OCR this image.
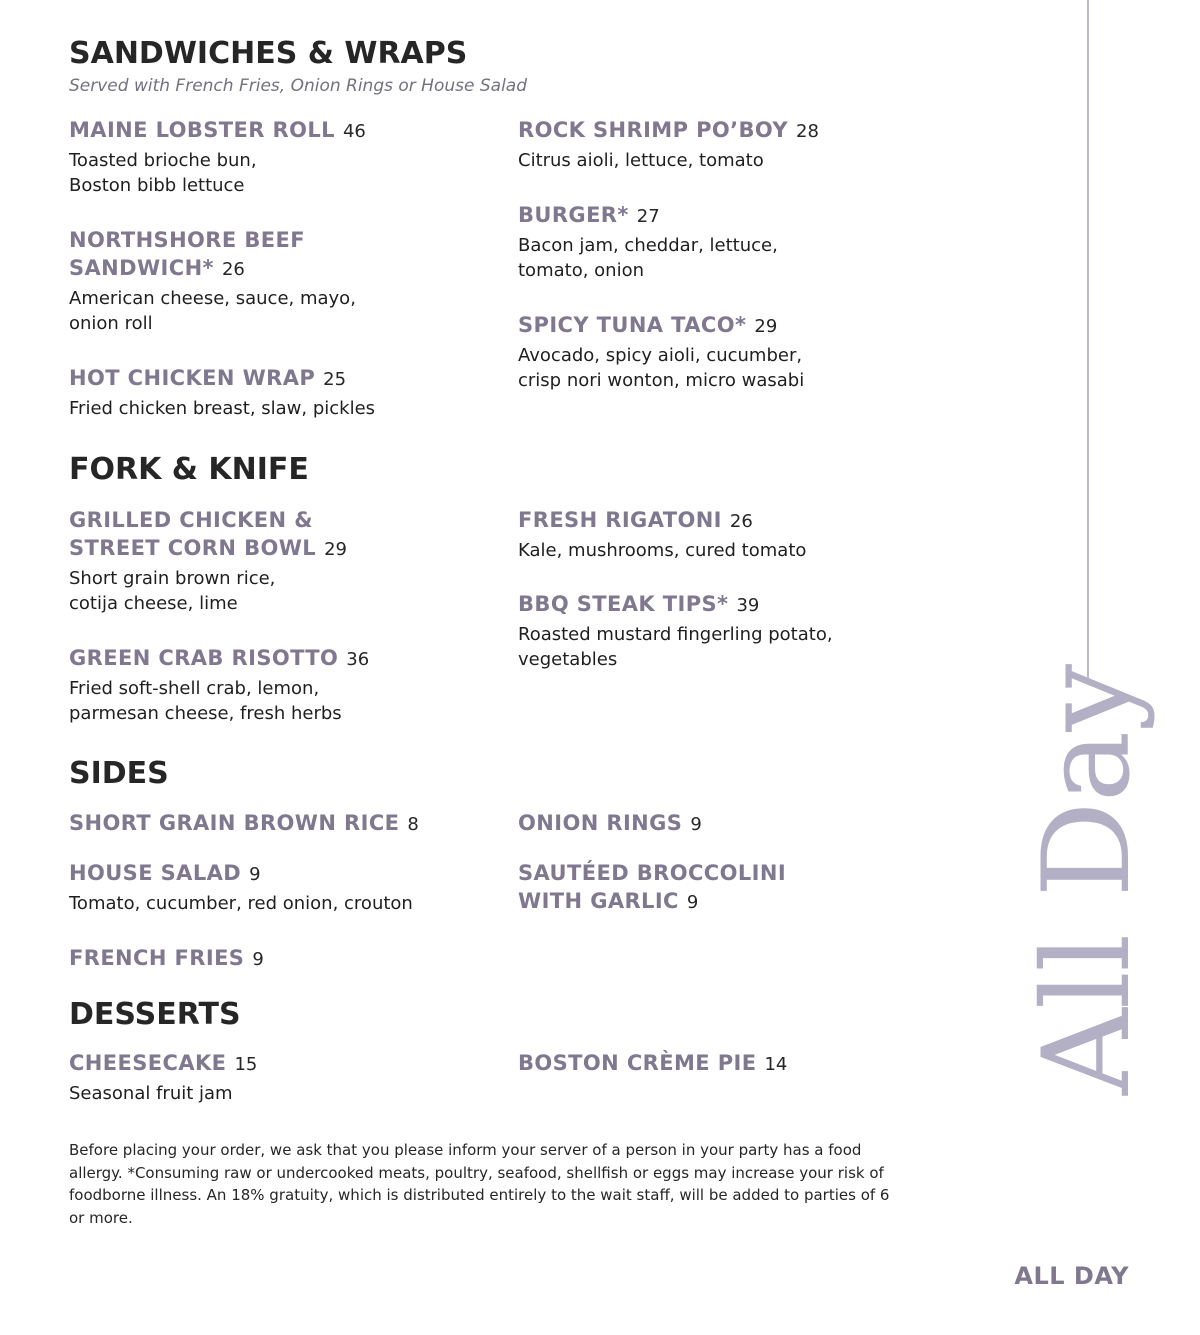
SANDWICHES & WRAPS

Served with French Fries, Onion Rings or House Salad

MAINE LOBSTER ROLL 46
Toasted brioche bun,
Boston bibb lettuce
NORTHSHORE BEEF
SANDWICH* 26
American cheese, sauce, mayo,
onion roll
HOT CHICKEN WRAP 25
Fried chicken breast, slaw, pickles
ROCK SHRIMP PO’BOY 28
Citrus aioli, lettuce, tomato
BURGER* 27
Bacon jam, cheddar, lettuce,
tomato, onion
SPICY TUNA TACO* 29
Avocado, spicy aioli, cucumber,
crisp nori wonton, micro wasabi
FORK & KNIFE
GRILLED CHICKEN &
STREET CORN BOWL 29
Short grain brown rice,
cotija cheese, lime
GREEN CRAB RISOTTO 36
Fried soft-shell crab, lemon,
parmesan cheese, fresh herbs
FRESH RIGATONI 26
Kale, mushrooms, cured tomato
BBQ STEAK TIPS* 39
Roasted mustard fingerling potato,
vegetables
SIDES
SHORT GRAIN BROWN RICE 8
HOUSE SALAD 9
Tomato, cucumber, red onion, crouton
FRENCH FRIES 9
ONION RINGS 9
SAUTÉED BROCCOLINI
WITH GARLIC 9
DESSERTS
CHEESECAKE 15
Seasonal fruit jam
BOSTON CRÈME PIE 14

Before placing your order, we ask that you please inform your server of a person in your party has a food allergy. *Consuming raw or undercooked meats, poultry, seafood, shellfish or eggs may increase your risk of foodborne illness. An 18% gratuity, which is distributed entirely to the wait staff, will be added to parties of 6 or more.

All Day
ALL DAY
